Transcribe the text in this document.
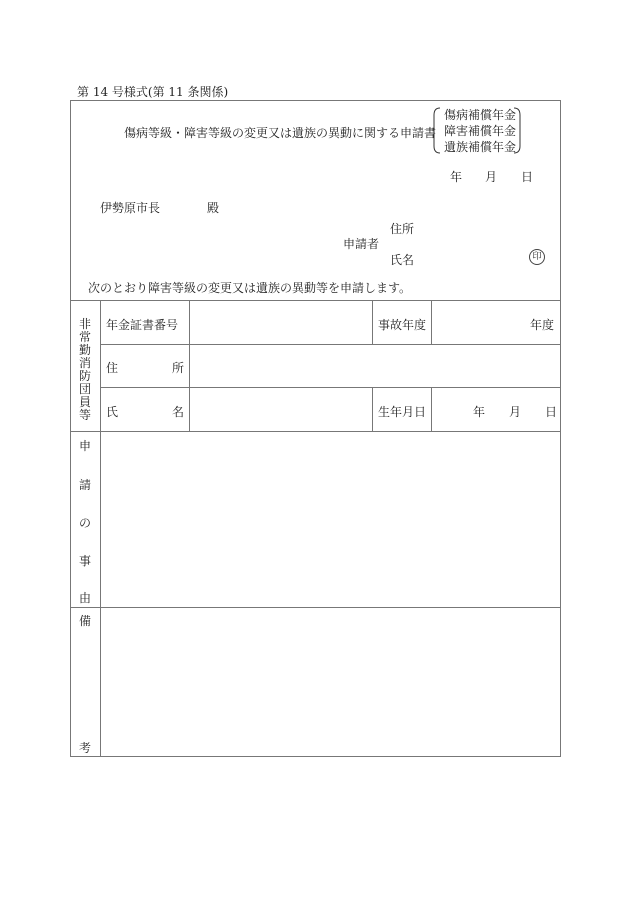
第 14 号様式(第 11 条関係)
傷病等級・障害等級の変更又は遺族の異動に関する申請書
傷病補償年金
障害補償年金
遺族補償年金
年 月 日
伊勢原市長	殿
住所
申請者
氏名	印
次のとおり障害等級の変更又は遺族の異動等を申請します。
非
常
勤
消
防
団
員
等
年金証書番号	事故年度	年度
住	所
氏	名	生年月日	年 月 日
申
請
の
事
由
備
考
